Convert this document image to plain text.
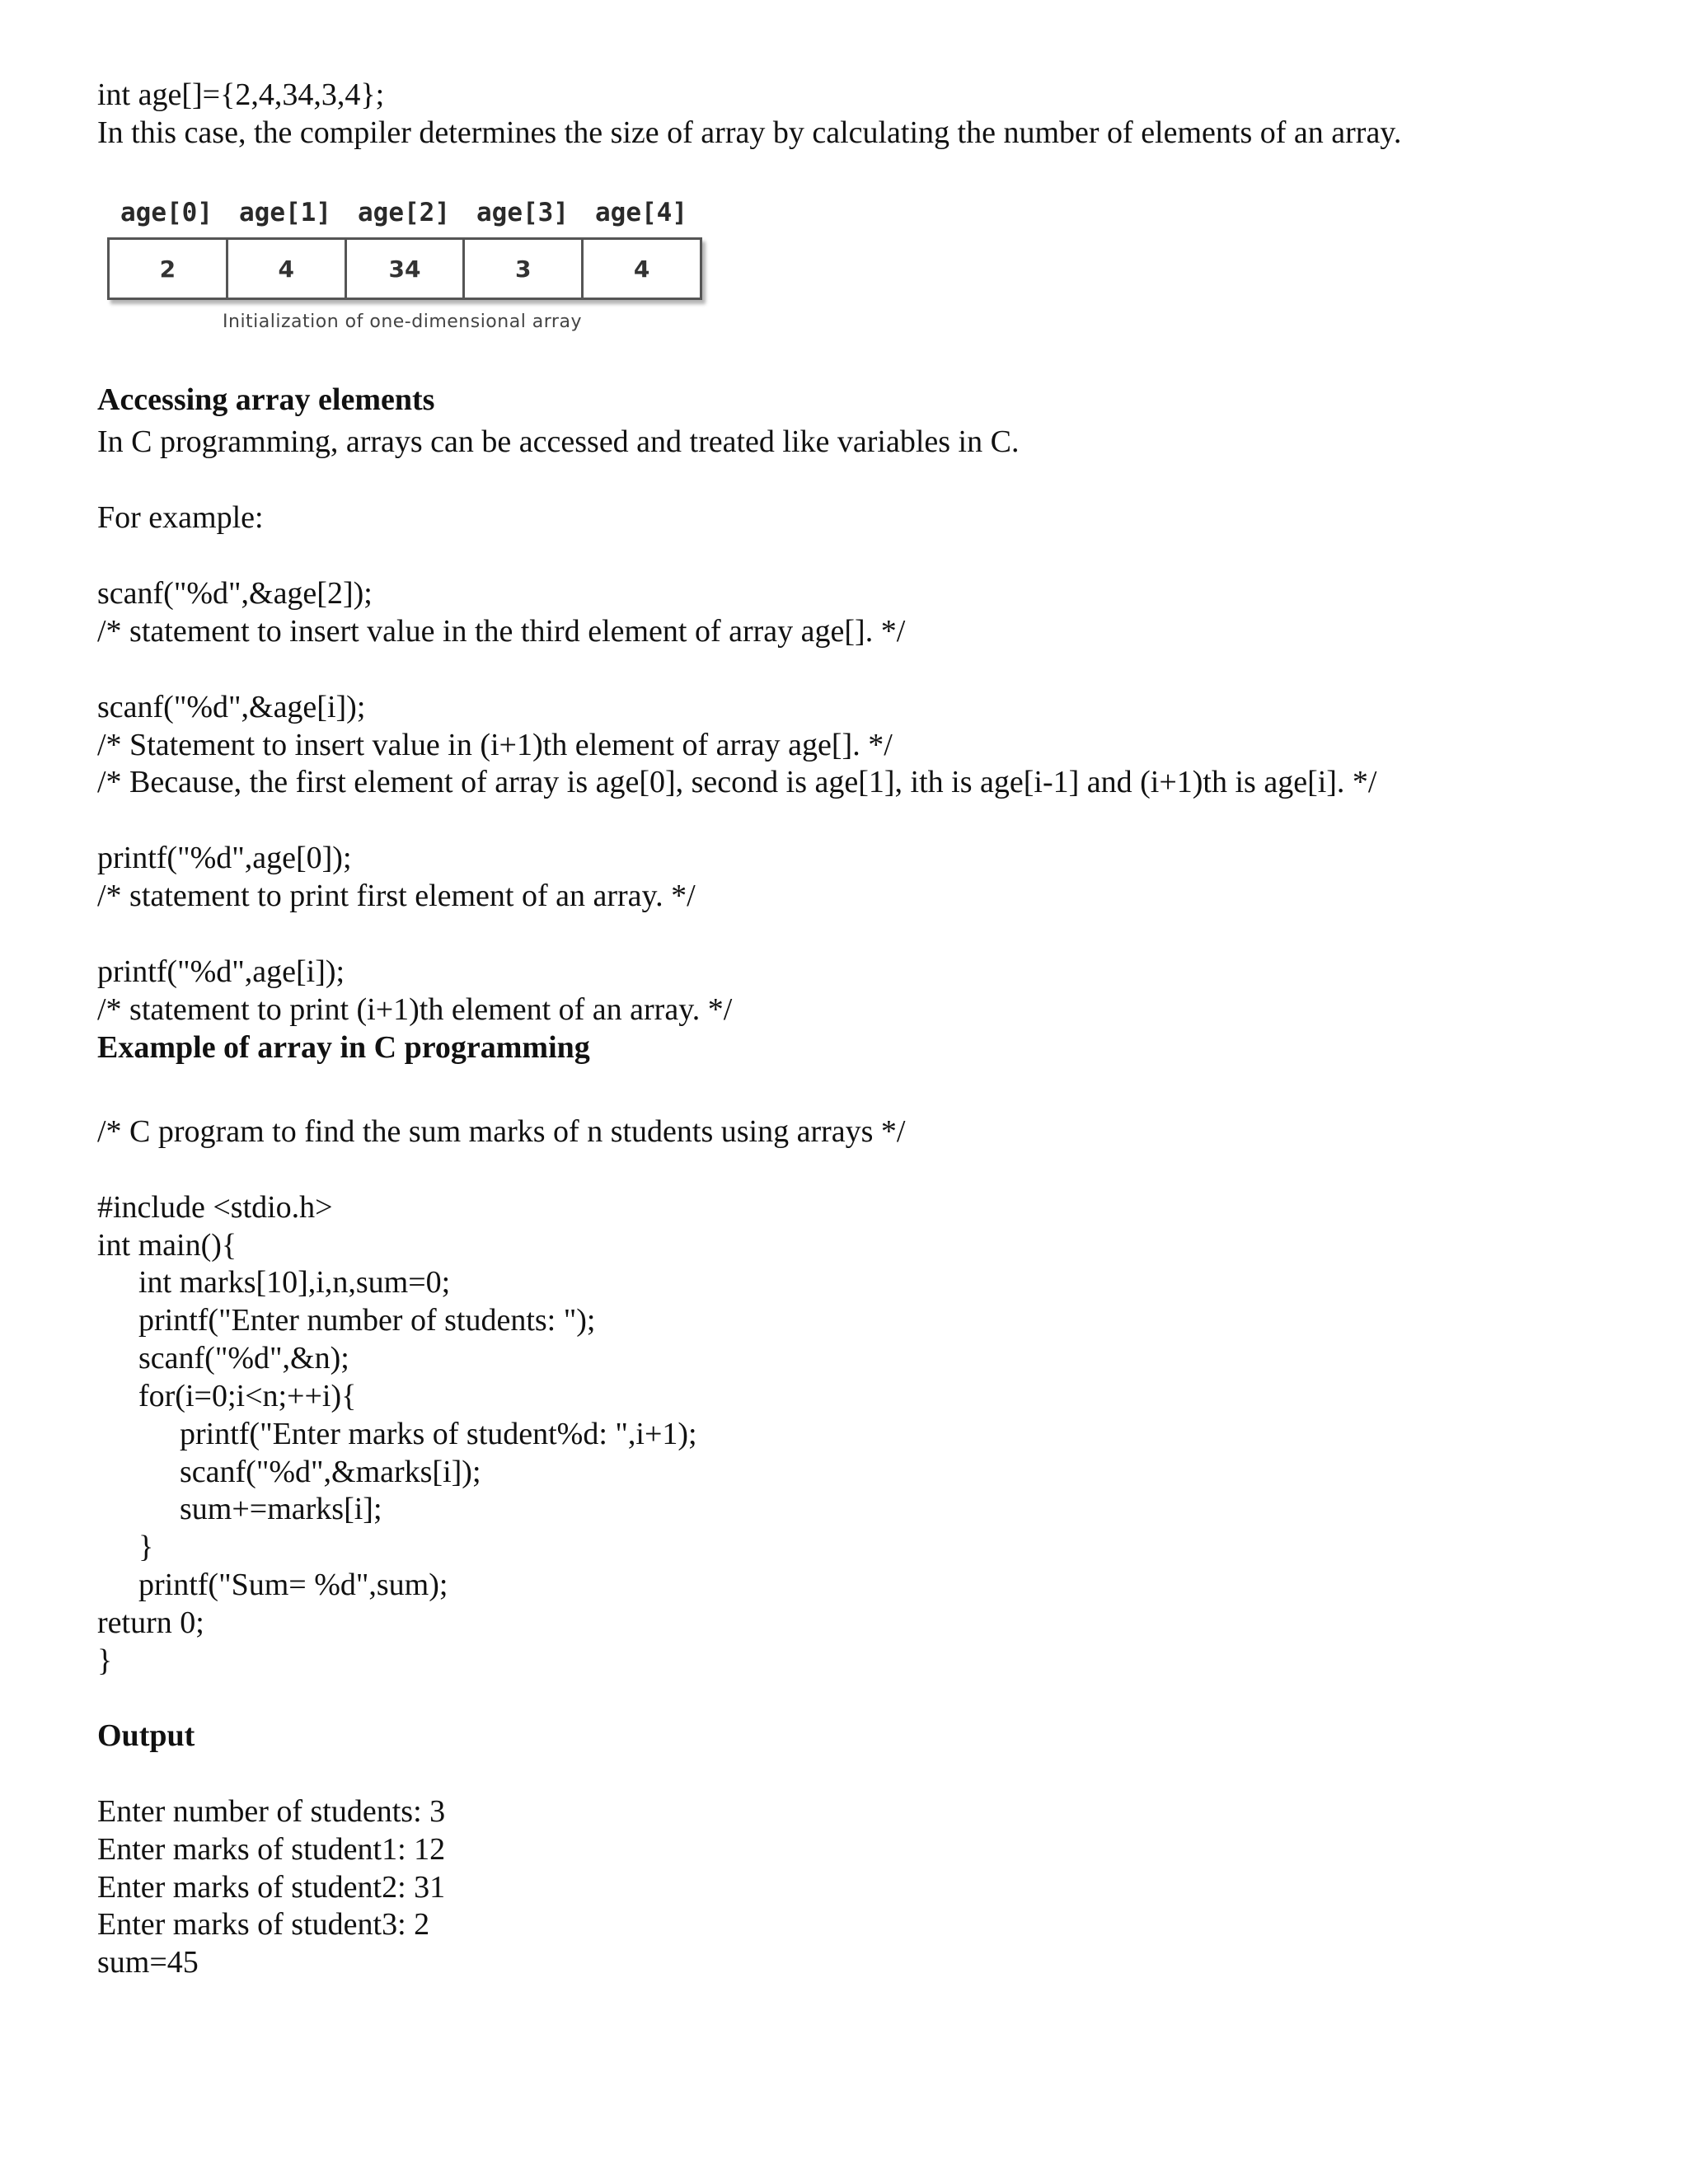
int age[]={2,4,34,3,4};
In this case, the compiler determines the size of array by calculating the number of elements of an array.
age[0]	age[1]	age[2]	age[3]	age[4]
2	4	34	3	4
Initialization of one-dimensional array
Accessing array elements
In C programming, arrays can be accessed and treated like variables in C.
For example:
scanf("%d",&age[2]);
/* statement to insert value in the third element of array age[]. */
scanf("%d",&age[i]);
/* Statement to insert value in (i+1)th element of array age[]. */
/* Because, the first element of array is age[0], second is age[1], ith is age[i-1] and (i+1)th is age[i]. */
printf("%d",age[0]);
/* statement to print first element of an array. */
printf("%d",age[i]);
/* statement to print (i+1)th element of an array. */
Example of array in C programming
/* C program to find the sum marks of n students using arrays */
#include <stdio.h>
int main(){
int marks[10],i,n,sum=0;
printf("Enter number of students: ");
scanf("%d",&n);
for(i=0;i<n;++i){
printf("Enter marks of student%d: ",i+1);
scanf("%d",&marks[i]);
sum+=marks[i];
}
printf("Sum= %d",sum);
return 0;
}
Output
Enter number of students: 3
Enter marks of student1: 12
Enter marks of student2: 31
Enter marks of student3: 2
sum=45
